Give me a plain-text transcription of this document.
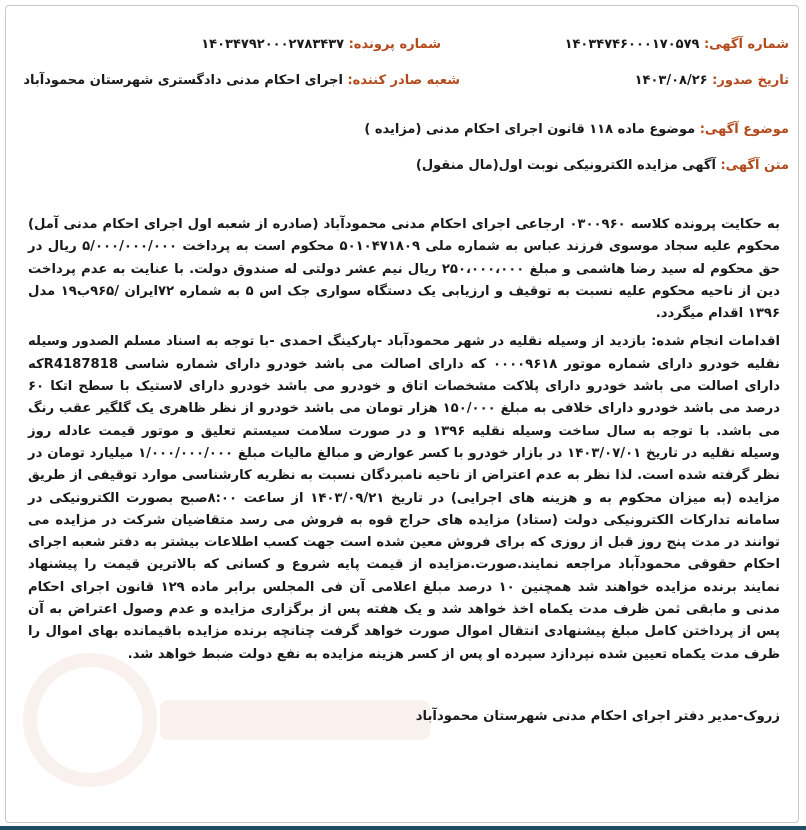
شماره آگهی: ۱۴۰۳۴۷۴۶۰۰۰۱۷۰۵۷۹
شماره پرونده: ۱۴۰۳۴۷۹۲۰۰۰۲۷۸۳۴۳۷
تاریخ صدور: ۱۴۰۳/۰۸/۲۶
شعبه صادر کننده: اجرای احکام مدنی دادگستری شهرستان محمودآباد
موضوع آگهی: موضوع ماده ۱۱۸ قانون اجرای احکام مدنی (مزایده )
متن آگهی: آگهی مزایده الکترونیکی نوبت اول(مال منقول)

به حکایت پرونده کلاسه ۰۳۰۰۹۶۰ ارجاعی اجرای احکام مدنی محمودآباد (صادره از شعبه اول اجرای احکام مدنی آمل) محکوم علیه سجاد موسوی فرزند عباس به شماره ملی ۵۰۱۰۴۷۱۸۰۹ محکوم است به پرداخت ۵/۰۰۰/۰۰۰/۰۰۰ ریال در حق محکوم له سید رضا هاشمی و مبلغ ۲۵۰،۰۰۰،۰۰۰ ریال نیم عشر دولتی له صندوق دولت. با عنایت به عدم پرداخت دین از ناحیه محکوم علیه نسبت به توقیف و ارزیابی یک دستگاه سواری جک اس ۵ به شماره ۷۲ایران /۹۶۵ب۱۹ مدل ۱۳۹۶ اقدام میگردد.

اقدامات انجام شده: بازدید از وسیله نقلیه در شهر محمودآباد -پارکینگ احمدی -با توجه به اسناد مسلم الصدور وسیله نقلیه خودرو دارای شماره موتور ۰۰۰۰۹۶۱۸ که دارای اصالت می باشد خودرو دارای شماره شاسی R4187818که دارای اصالت می باشد خودرو دارای پلاکت مشخصات اتاق و خودرو می باشد خودرو دارای لاستیک با سطح اتکا ۶۰ درصد می باشد خودرو دارای خلافی به مبلغ ۱۵۰/۰۰۰ هزار تومان می باشد خودرو از نظر ظاهری یک گلگیر عقب رنگ می باشد. با توجه به سال ساخت وسیله نقلیه ۱۳۹۶ و در صورت سلامت سیستم تعلیق و موتور قیمت عادله روز وسیله نقلیه در تاریخ ۱۴۰۳/۰۷/۰۱ در بازار خودرو با کسر عوارض و مبالغ مالیات مبلغ ۱/۰۰۰/۰۰۰/۰۰۰ میلیارد تومان در نظر گرفته شده است. لذا نظر به عدم اعتراض از ناحیه نامبردگان نسبت به نظریه کارشناسی موارد توقیفی از طریق مزایده (به میزان محکوم به و هزینه های اجرایی) در تاریخ ۱۴۰۳/۰۹/۲۱ از ساعت ۸:۰۰صبح بصورت الکترونیکی در سامانه تدارکات الکترونیکی دولت (ستاد) مزایده های حراج قوه به فروش می رسد متقاضیان شرکت در مزایده می توانند در مدت پنج روز قبل از روزی که برای فروش معین شده است جهت کسب اطلاعات بیشتر به دفتر شعبه اجرای احکام حقوقی محمودآباد مراجعه نمایند.صورت.مزایده از قیمت پایه شروع و کسانی که بالاترین قیمت را پیشنهاد نمایند برنده مزایده خواهند شد همچنین ۱۰ درصد مبلغ اعلامی آن فی المجلس برابر ماده ۱۲۹ قانون اجرای احکام مدنی و مابقی ثمن ظرف مدت یکماه اخذ خواهد شد و یک هفته پس از برگزاری مزایده و عدم وصول اعتراض به آن پس از پرداختن کامل مبلغ پیشنهادی انتقال اموال صورت خواهد گرفت چنانچه برنده مزایده باقیمانده بهای اموال را ظرف مدت یکماه تعیین شده نپردازد سپرده او پس از کسر هزینه مزایده به نفع دولت ضبط خواهد شد.

زروک-مدیر دفتر اجرای احکام مدنی شهرستان محمودآباد
